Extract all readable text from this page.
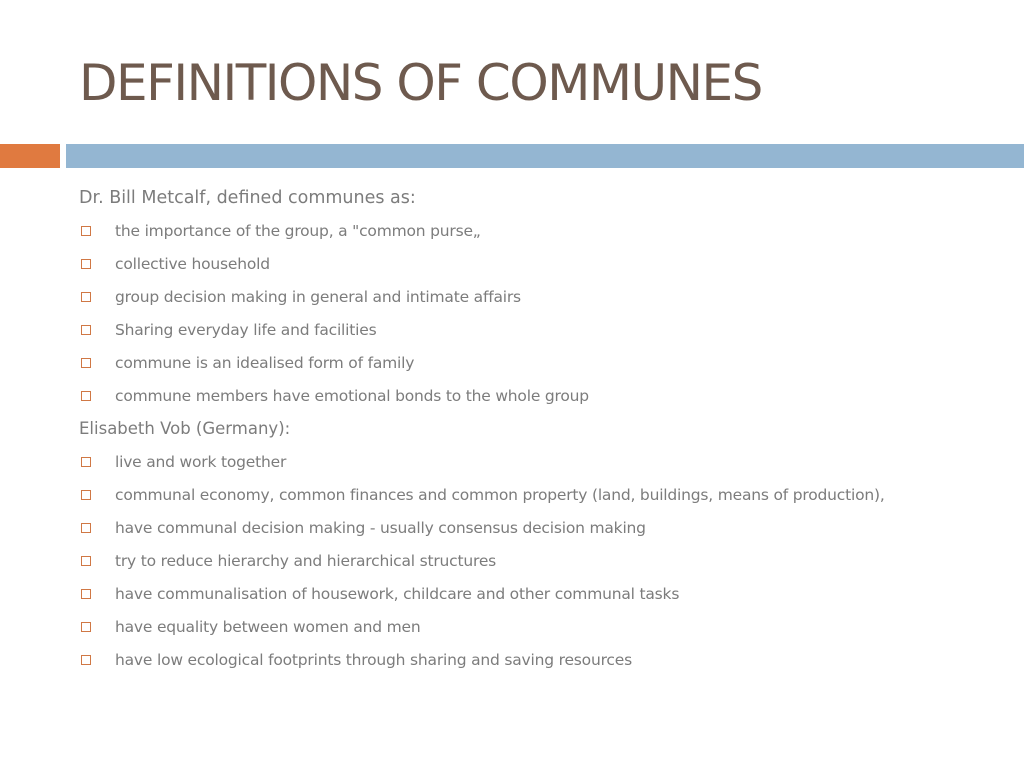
DEFINITIONS OF COMMUNES
Dr. Bill Metcalf, defined communes as:
the importance of the group, a "common purse„
collective household
group decision making in general and intimate affairs
Sharing everyday life and facilities
commune is an idealised form of family
commune members have emotional bonds to the whole group
Elisabeth Vob (Germany):
live and work together
communal economy, common finances and common property (land, buildings, means of production),
have communal decision making - usually consensus decision making
try to reduce hierarchy and hierarchical structures
have communalisation of housework, childcare and other communal tasks
have equality between women and men
have low ecological footprints through sharing and saving resources
